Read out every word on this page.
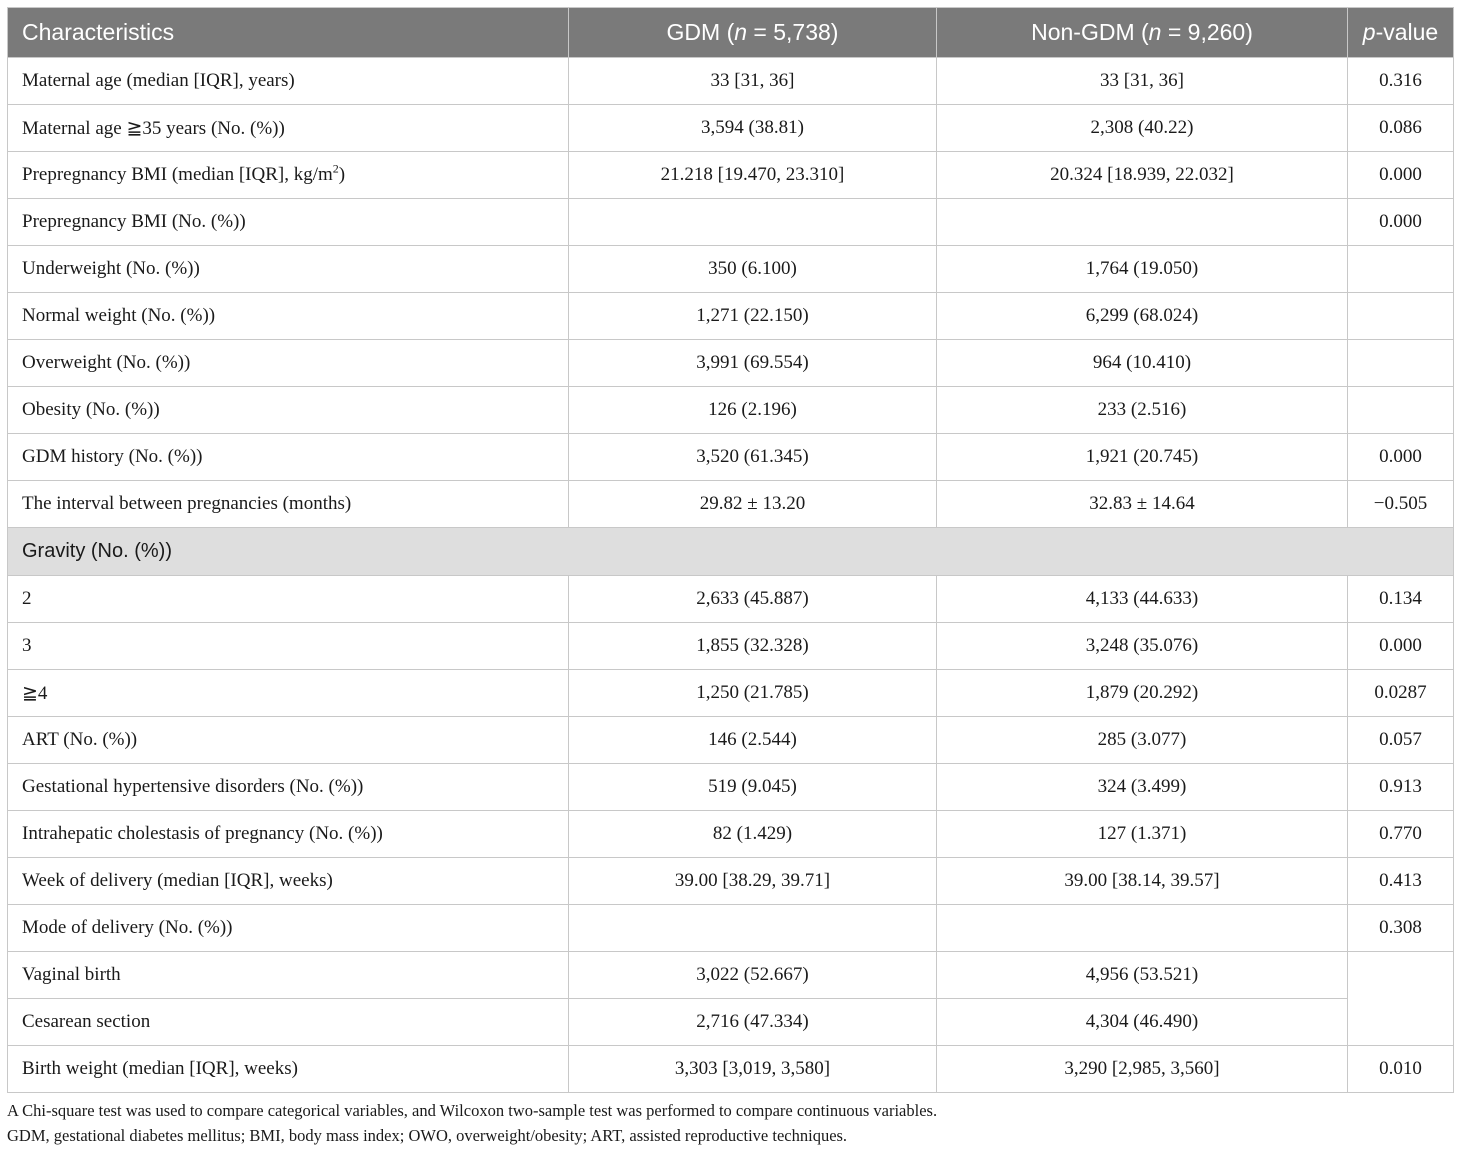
Characteristics	GDM (n = 5,738)	Non-GDM (n = 9,260)	p-value
Maternal age (median [IQR], years)	33 [31, 36]	33 [31, 36]	0.316
Maternal age ≧35 years (No. (%))	3,594 (38.81)	2,308 (40.22)	0.086
Prepregnancy BMI (median [IQR], $kg/m^2$)	21.218 [19.470, 23.310]	20.324 [18.939, 22.032]	0.000
Prepregnancy BMI (No. (%))			0.000
Underweight (No. (%))	350 (6.100)	1,764 (19.050)	
Normal weight (No. (%))	1,271 (22.150)	6,299 (68.024)	
Overweight (No. (%))	3,991 (69.554)	964 (10.410)	
Obesity (No. (%))	126 (2.196)	233 (2.516)	
GDM history (No. (%))	3,520 (61.345)	1,921 (20.745)	0.000
The interval between pregnancies (months)	29.82 ± 13.20	32.83 ± 14.64	−0.505
Gravity (No. (%))			
2	2,633 (45.887)	4,133 (44.633)	0.134
3	1,855 (32.328)	3,248 (35.076)	0.000
≧4	1,250 (21.785)	1,879 (20.292)	0.0287
ART (No. (%))	146 (2.544)	285 (3.077)	0.057
Gestational hypertensive disorders (No. (%))	519 (9.045)	324 (3.499)	0.913
Intrahepatic cholestasis of pregnancy (No. (%))	82 (1.429)	127 (1.371)	0.770
Week of delivery (median [IQR], weeks)	39.00 [38.29, 39.71]	39.00 [38.14, 39.57]	0.413
Mode of delivery (No. (%))			0.308
Vaginal birth	3,022 (52.667)	4,956 (53.521)	
Cesarean section	2,716 (47.334)	4,304 (46.490)	
Birth weight (median [IQR], weeks)	3,303 [3,019, 3,580]	3,290 [2,985, 3,560]	0.010
A Chi-square test was used to compare categorical variables, and Wilcoxon two-sample test was performed to compare continuous variables.
GDM, gestational diabetes mellitus; BMI, body mass index; OWO, overweight/obesity; ART, assisted reproductive techniques.
